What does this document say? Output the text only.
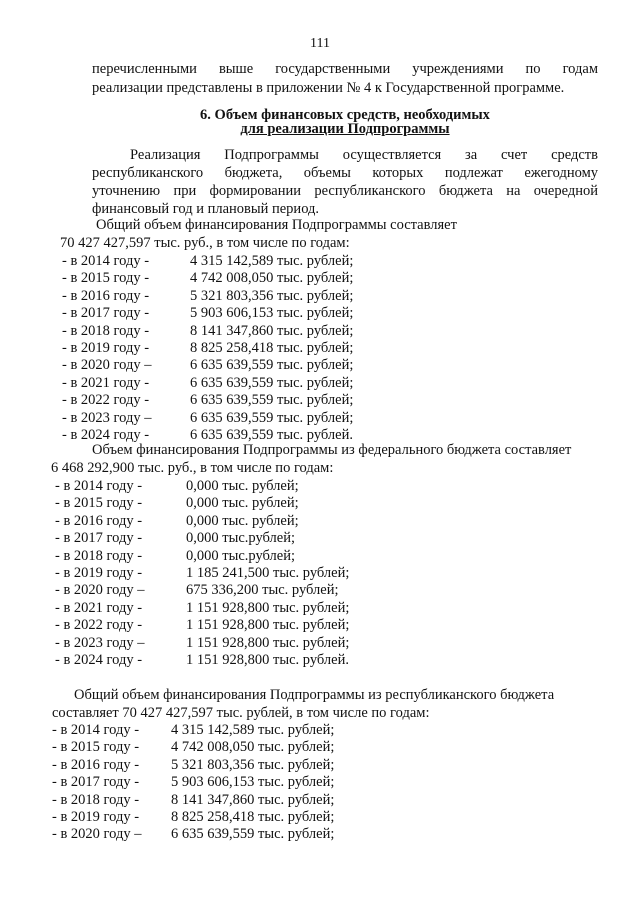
111
перечисленными выше государственными учреждениями по годам
реализации представлены в приложении № 4 к Государственной программе.
6. Объем финансовых средств, необходимых
для реализации Подпрограммы
Реализация Подпрограммы осуществляется за счет средств
республиканского бюджета, объемы которых подлежат ежегодному
уточнению при формировании республиканского бюджета на очередной
финансовый год и плановый период.
Общий объем финансирования Подпрограммы составляет
70 427 427,597 тыс. руб., в том числе по годам:
- в 2014 году -	4 315 142,589 тыс. рублей;
- в 2015 году -	4 742 008,050 тыс. рублей;
- в 2016 году -	5 321 803,356 тыс. рублей;
- в 2017 году -	5 903 606,153 тыс. рублей;
- в 2018 году -	8 141 347,860 тыс. рублей;
- в 2019 году -	8 825 258,418 тыс. рублей;
- в 2020 году –	6 635 639,559 тыс. рублей;
- в 2021 году -	6 635 639,559 тыс. рублей;
- в 2022 году -	6 635 639,559 тыс. рублей;
- в 2023 году –	6 635 639,559 тыс. рублей;
- в 2024 году -	6 635 639,559 тыс. рублей.
Объем финансирования Подпрограммы из федерального бюджета составляет
6 468 292,900 тыс. руб., в том числе по годам:
- в 2014 году -	0,000 тыс. рублей;
- в 2015 году -	0,000 тыс. рублей;
- в 2016 году -	0,000 тыс. рублей;
- в 2017 году -	0,000 тыс.рублей;
- в 2018 году -	0,000 тыс.рублей;
- в 2019 году -	1 185 241,500 тыс. рублей;
- в 2020 году –	675 336,200 тыс. рублей;
- в 2021 году -	1 151 928,800 тыс. рублей;
- в 2022 году -	1 151 928,800 тыс. рублей;
- в 2023 году –	1 151 928,800 тыс. рублей;
- в 2024 году -	1 151 928,800 тыс. рублей.
Общий объем финансирования Подпрограммы из республиканского бюджета
составляет 70 427 427,597 тыс. рублей, в том числе по годам:
- в 2014 году - 4 315 142,589 тыс. рублей;
- в 2015 году - 4 742 008,050 тыс. рублей;
- в 2016 году - 5 321 803,356 тыс. рублей;
- в 2017 году - 5 903 606,153 тыс. рублей;
- в 2018 году - 8 141 347,860 тыс. рублей;
- в 2019 году - 8 825 258,418 тыс. рублей;
- в 2020 году – 6 635 639,559 тыс. рублей;
